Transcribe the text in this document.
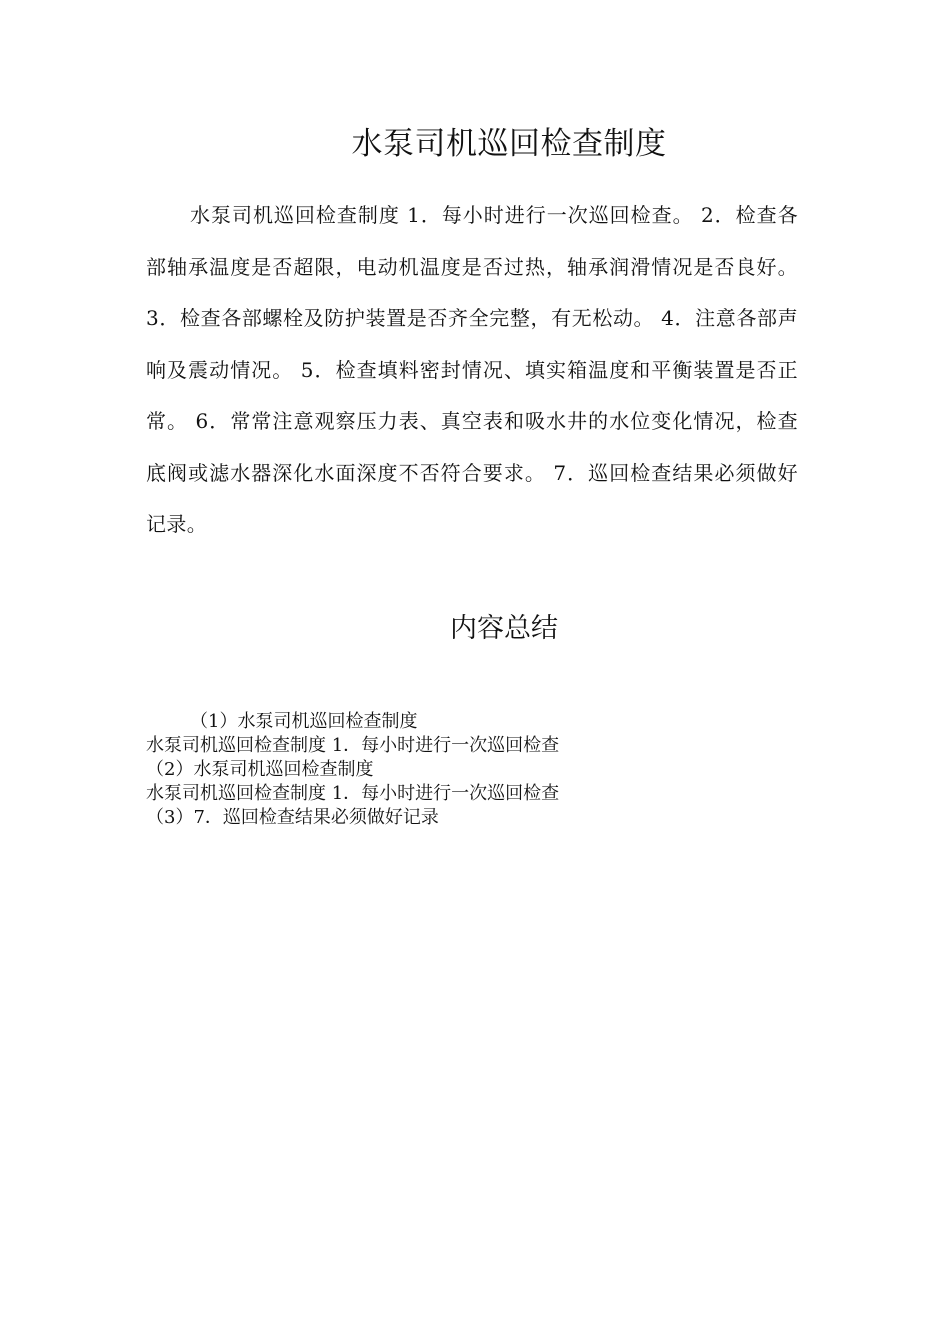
水泵司机巡回检查制度

水泵司机巡回检查制度 1．每小时进行一次巡回检查。 2．检查各部轴承温度是否超限，电动机温度是否过热，轴承润滑情况是否良好。 3．检查各部螺栓及防护装置是否齐全完整，有无松动。 4．注意各部声响及震动情况。 5．检查填料密封情况、填实箱温度和平衡装置是否正常。 6．常常注意观察压力表、真空表和吸水井的水位变化情况，检查底阀或滤水器深化水面深度不否符合要求。 7．巡回检查结果必须做好记录。

内容总结
（1）水泵司机巡回检查制度
水泵司机巡回检查制度 1．每小时进行一次巡回检查
（2）水泵司机巡回检查制度
水泵司机巡回检查制度 1．每小时进行一次巡回检查
（3）7．巡回检查结果必须做好记录
